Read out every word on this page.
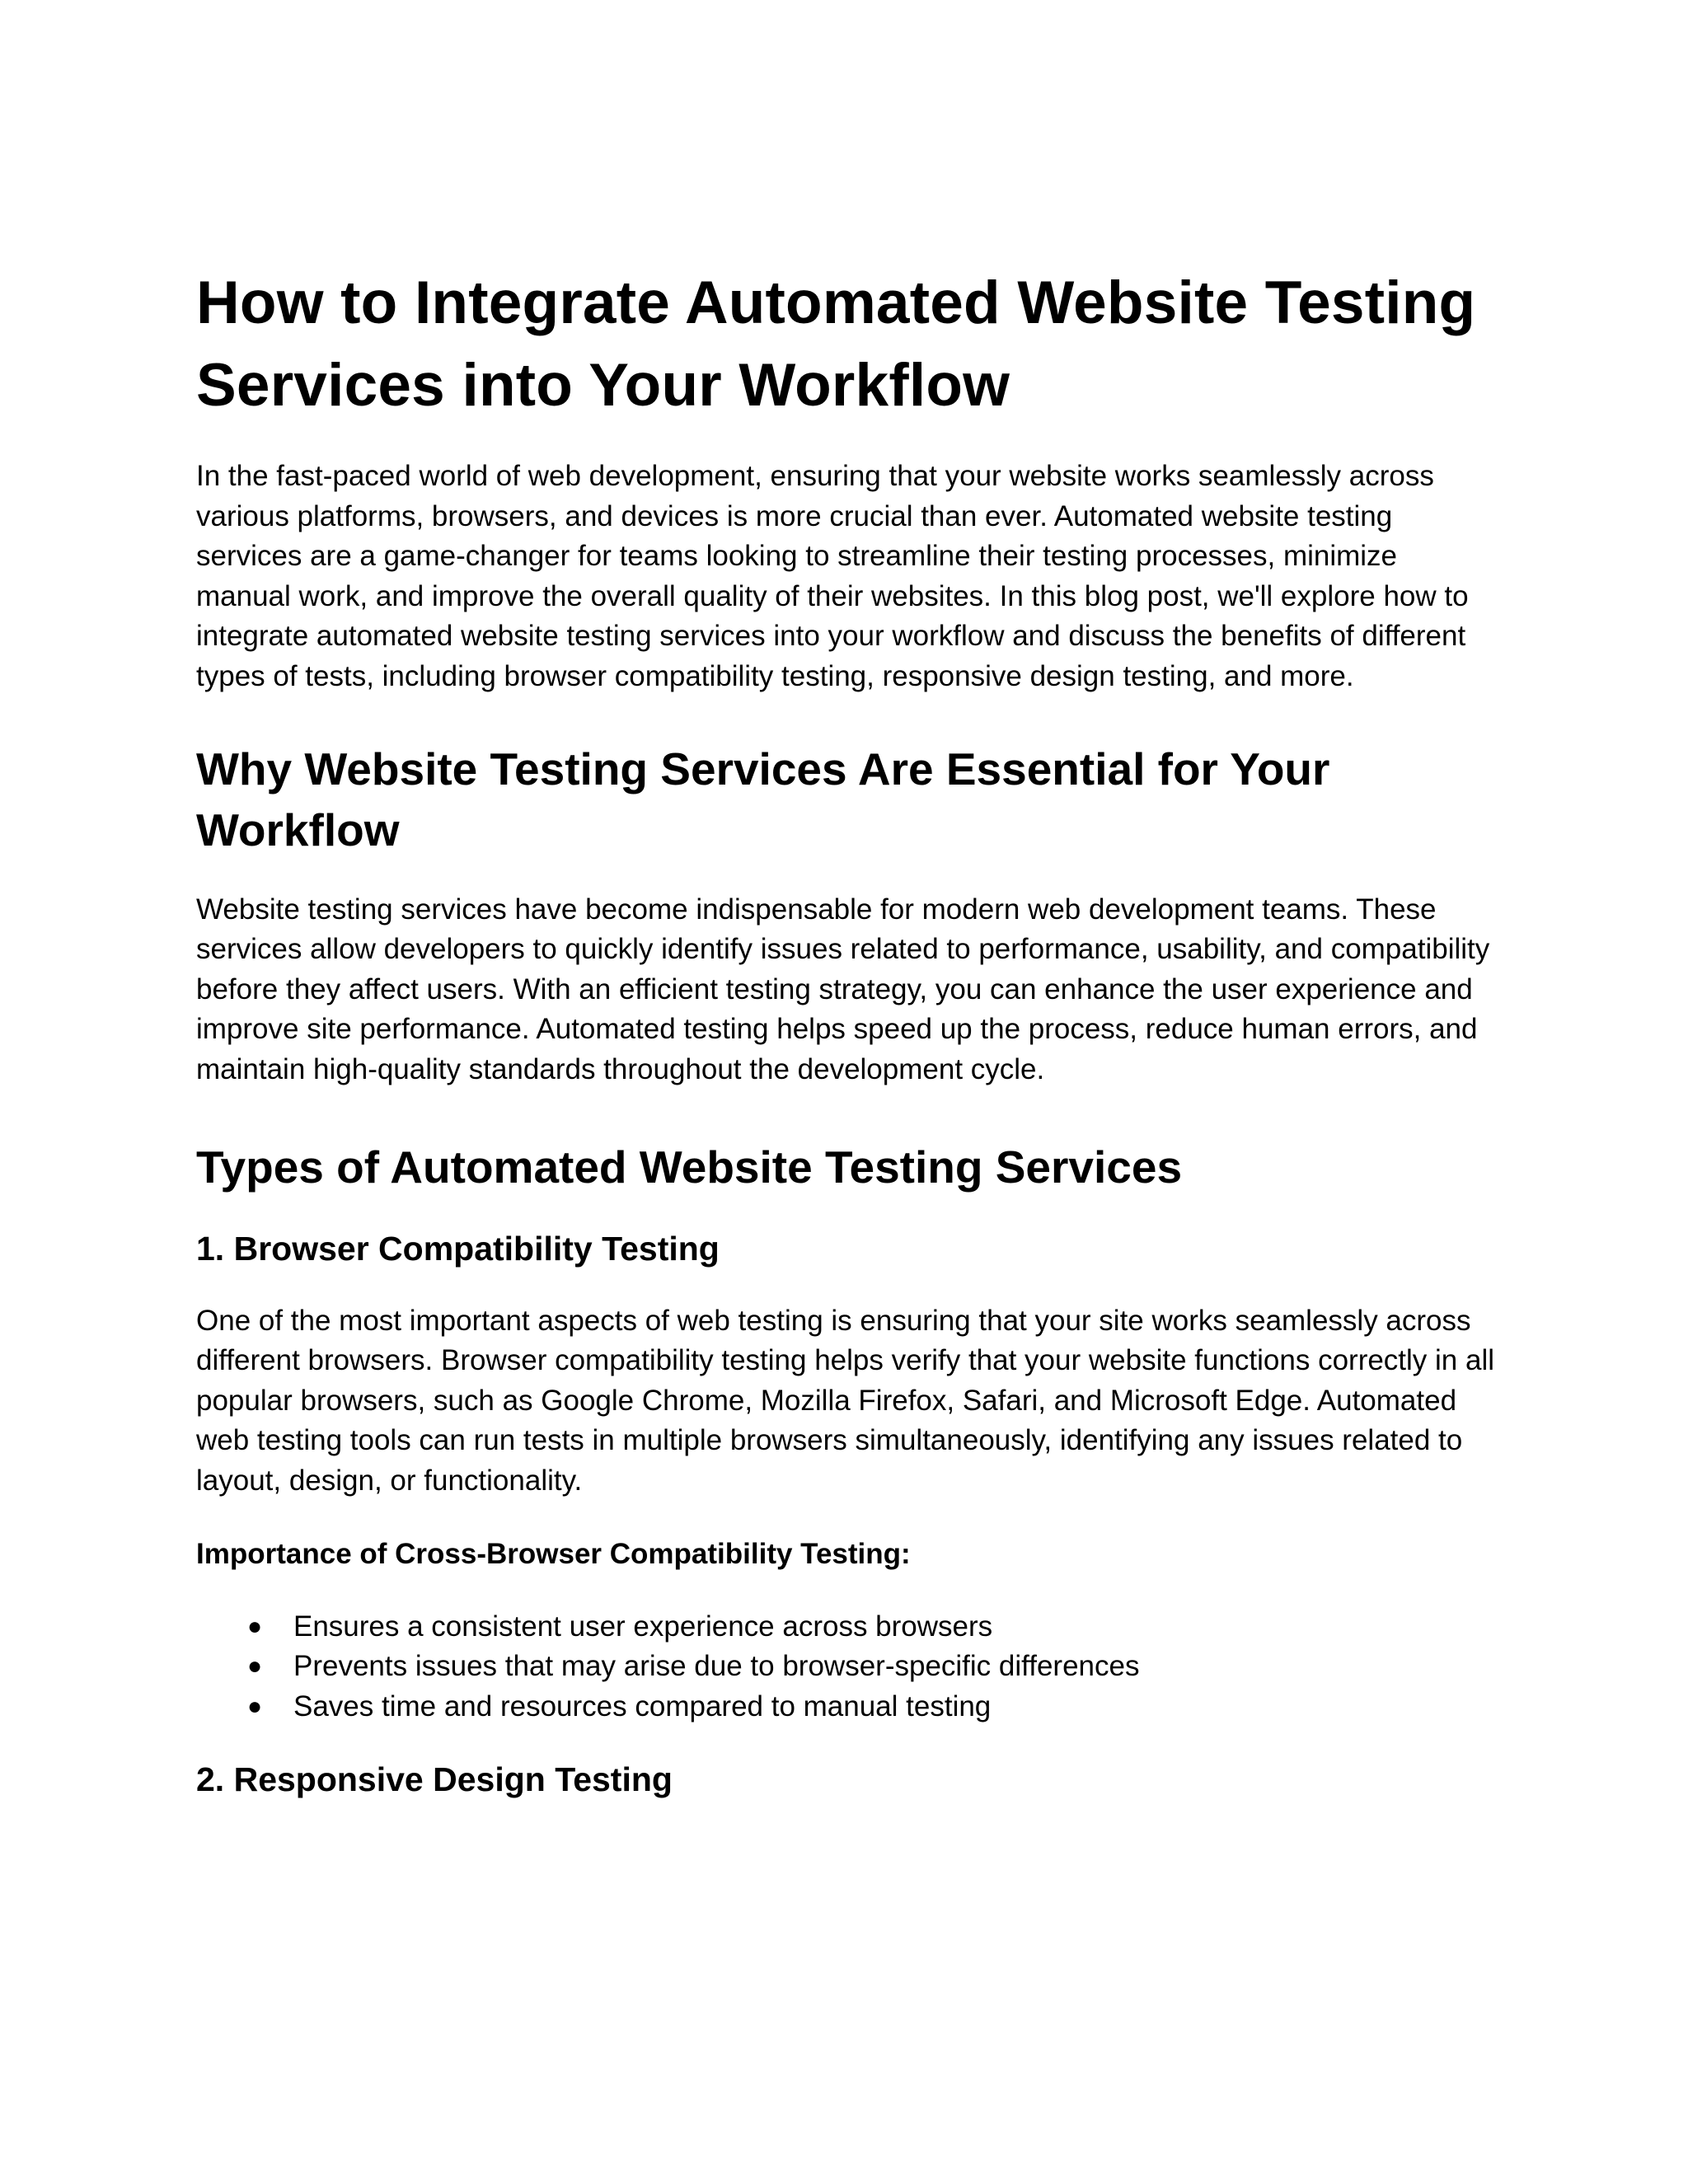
How to Integrate Automated Website Testing Services into Your Workflow

In the fast-paced world of web development, ensuring that your website works seamlessly across various platforms, browsers, and devices is more crucial than ever. Automated website testing services are a game-changer for teams looking to streamline their testing processes, minimize manual work, and improve the overall quality of their websites. In this blog post, we'll explore how to integrate automated website testing services into your workflow and discuss the benefits of different types of tests, including browser compatibility testing, responsive design testing, and more.

Why Website Testing Services Are Essential for Your Workflow

Website testing services have become indispensable for modern web development teams. These services allow developers to quickly identify issues related to performance, usability, and compatibility before they affect users. With an efficient testing strategy, you can enhance the user experience and improve site performance. Automated testing helps speed up the process, reduce human errors, and maintain high-quality standards throughout the development cycle.

Types of Automated Website Testing Services
1. Browser Compatibility Testing

One of the most important aspects of web testing is ensuring that your site works seamlessly across different browsers. Browser compatibility testing helps verify that your website functions correctly in all popular browsers, such as Google Chrome, Mozilla Firefox, Safari, and Microsoft Edge. Automated web testing tools can run tests in multiple browsers simultaneously, identifying any issues related to layout, design, or functionality.

Importance of Cross-Browser Compatibility Testing:
● Ensures a consistent user experience across browsers
● Prevents issues that may arise due to browser-specific differences
● Saves time and resources compared to manual testing
2. Responsive Design Testing
